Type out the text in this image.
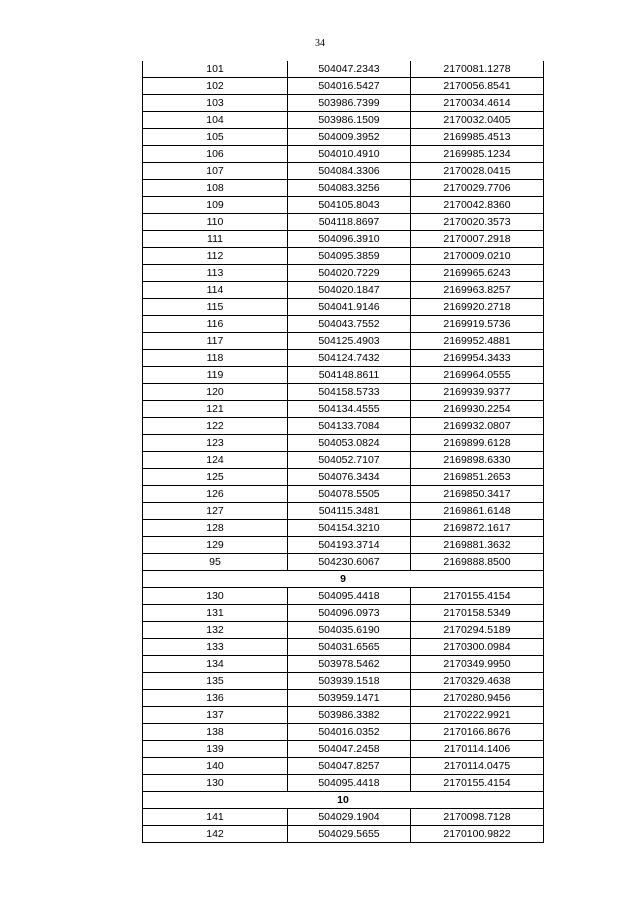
34
101	504047.2343	2170081.1278
102	504016.5427	2170056.8541
103	503986.7399	2170034.4614
104	503986.1509	2170032.0405
105	504009.3952	2169985.4513
106	504010.4910	2169985.1234
107	504084.3306	2170028.0415
108	504083.3256	2170029.7706
109	504105.8043	2170042.8360
110	504118.8697	2170020.3573
111	504096.3910	2170007.2918
112	504095.3859	2170009.0210
113	504020.7229	2169965.6243
114	504020.1847	2169963.8257
115	504041.9146	2169920.2718
116	504043.7552	2169919.5736
117	504125.4903	2169952.4881
118	504124.7432	2169954.3433
119	504148.8611	2169964.0555
120	504158.5733	2169939.9377
121	504134.4555	2169930.2254
122	504133.7084	2169932.0807
123	504053.0824	2169899.6128
124	504052.7107	2169898.6330
125	504076.3434	2169851.2653
126	504078.5505	2169850.3417
127	504115.3481	2169861.6148
128	504154.3210	2169872.1617
129	504193.3714	2169881.3632
95	504230.6067	2169888.8500
9		
130	504095.4418	2170155.4154
131	504096.0973	2170158.5349
132	504035.6190	2170294.5189
133	504031.6565	2170300.0984
134	503978.5462	2170349.9950
135	503939.1518	2170329.4638
136	503959.1471	2170280.9456
137	503986.3382	2170222.9921
138	504016.0352	2170166.8676
139	504047.2458	2170114.1406
140	504047.8257	2170114.0475
130	504095.4418	2170155.4154
10		
141	504029.1904	2170098.7128
142	504029.5655	2170100.9822
